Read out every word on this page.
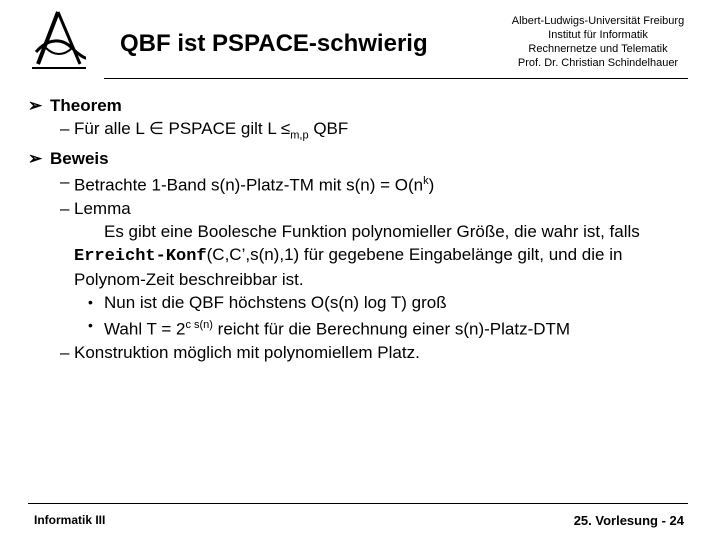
QBF ist PSPACE-schwierig
Albert-Ludwigs-Universität Freiburg
Institut für Informatik
Rechnernetze und Telematik
Prof. Dr. Christian Schindelhauer
➢ Theorem
– Für alle L ∈ PSPACE gilt $L \le_{m,p}$ QBF
➢ Beweis
– Betrachte 1-Band s(n)-Platz-TM mit $s(n) = O(n^k)$
– Lemma
Es gibt eine Boolesche Funktion polynomieller Größe, die wahr ist, falls
Erreicht-Konf(C,C’,s(n),1) für gegebene Eingabelänge gilt, und die in
Polynom-Zeit beschreibbar ist.
• Nun ist die QBF höchstens O(s(n) log T) groß
• Wahl $T = 2^{c s(n)}$ reicht für die Berechnung einer s(n)-Platz-DTM
– Konstruktion möglich mit polynomiellem Platz.
Informatik III	25. Vorlesung - 24
